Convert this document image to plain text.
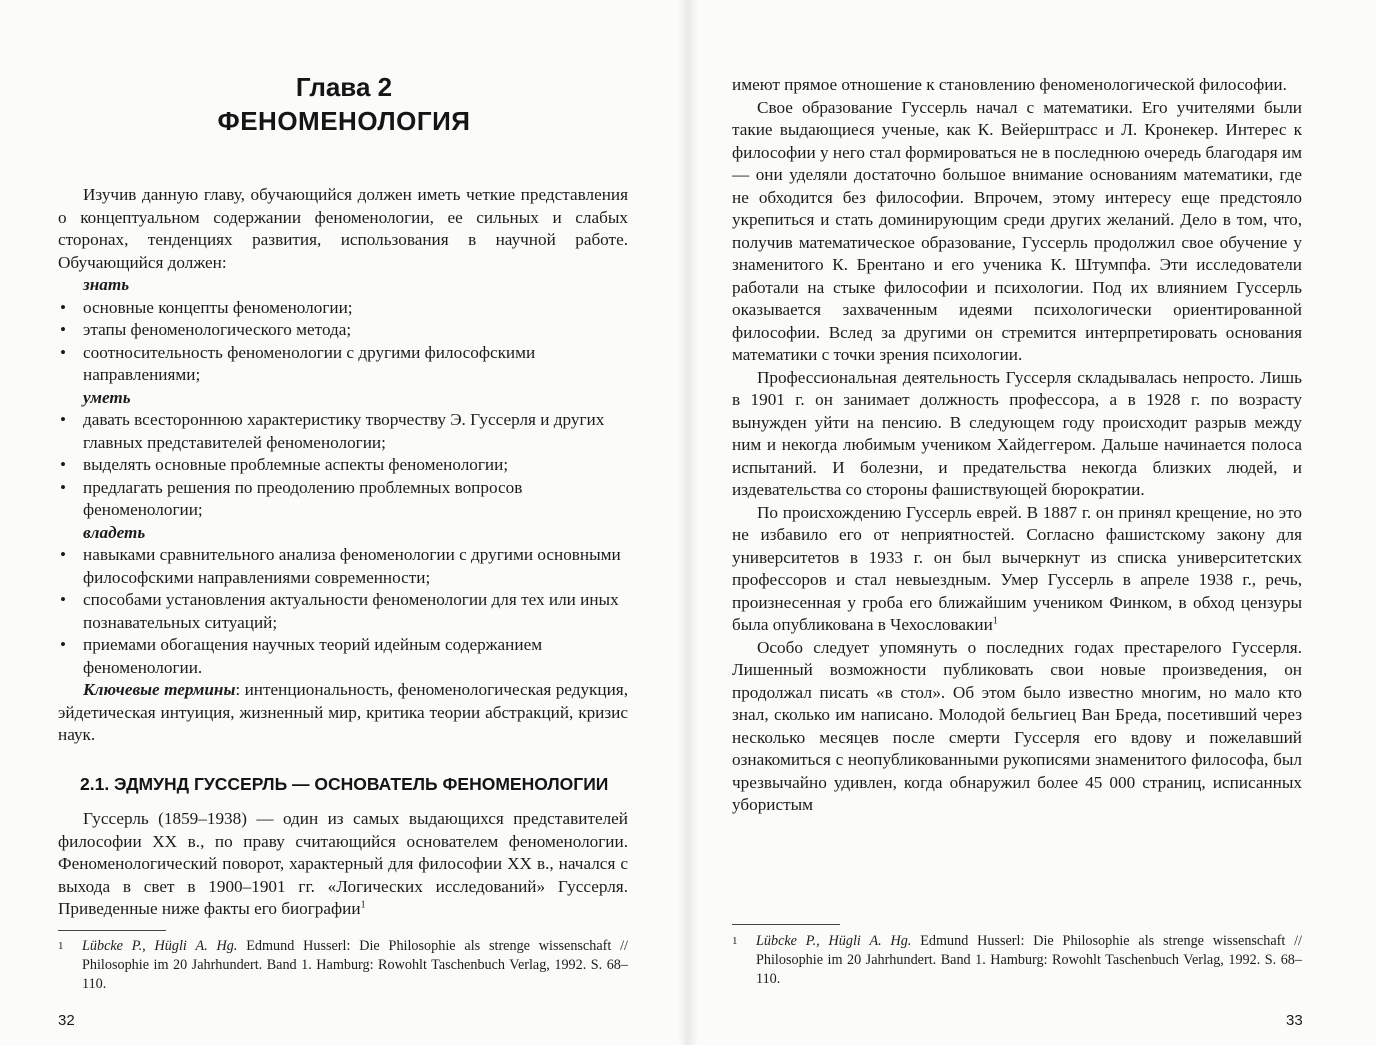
Глава 2
ФЕНОМЕНОЛОГИЯ

Изучив данную главу, обучающийся должен иметь четкие представления о концептуальном содержании феноменологии, ее сильных и слабых сторонах, тенденциях развития, использования в научной работе. Обучающийся должен:

знать
• основные концепты феноменологии;
• этапы феноменологического метода;
• соотносительность феноменологии с другими философскими направлениями;
уметь
• давать всестороннюю характеристику творчеству Э. Гуссерля и других главных представителей феноменологии;
• выделять основные проблемные аспекты феноменологии;
• предлагать решения по преодолению проблемных вопросов феноменологии;
владеть
• навыками сравнительного анализа феноменологии с другими основными философскими направлениями современности;
• способами установления актуальности феноменологии для тех или иных познавательных ситуаций;
• приемами обогащения научных теорий идейным содержанием феноменологии.

Ключевые термины: интенциональность, феноменологическая редукция, эйдетическая интуиция, жизненный мир, критика теории абстракций, кризис наук.

2.1. ЭДМУНД ГУССЕРЛЬ — ОСНОВАТЕЛЬ ФЕНОМЕНОЛОГИИ

Гуссерль (1859–1938) — один из самых выдающихся представителей философии XX в., по праву считающийся основателем феноменологии. Феноменологический поворот, характерный для философии XX в., начался с выхода в свет в 1900–1901 гг. «Логических исследований» Гуссерля. Приведенные ниже факты его биографии$^1$

1	Lübcke P., Hügli A. Hg. Edmund Husserl: Die Philosophie als strenge wissenschaft // Philosophie im 20 Jahrhundert. Band 1. Hamburg: Rowohlt Taschenbuch Verlag, 1992. S. 68–110.

32

имеют прямое отношение к становлению феноменологической философии.

Свое образование Гуссерль начал с математики. Его учителями были такие выдающиеся ученые, как К. Вейерштрасс и Л. Кронекер. Интерес к философии у него стал формироваться не в последнюю очередь благодаря им — они уделяли достаточно большое внимание основаниям математики, где не обходится без философии. Впрочем, этому интересу еще предстояло укрепиться и стать доминирующим среди других желаний. Дело в том, что, получив математическое образование, Гуссерль продолжил свое обучение у знаменитого К. Брентано и его ученика К. Штумпфа. Эти исследователи работали на стыке философии и психологии. Под их влиянием Гуссерль оказывается захваченным идеями психологически ориентированной философии. Вслед за другими он стремится интерпретировать основания математики с точки зрения психологии.

Профессиональная деятельность Гуссерля складывалась непросто. Лишь в 1901 г. он занимает должность профессора, а в 1928 г. по возрасту вынужден уйти на пенсию. В следующем году происходит разрыв между ним и некогда любимым учеником Хайдеггером. Дальше начинается полоса испытаний. И болезни, и предательства некогда близких людей, и издевательства со стороны фашиствующей бюрократии.

По происхождению Гуссерль еврей. В 1887 г. он принял крещение, но это не избавило его от неприятностей. Согласно фашистскому закону для университетов в 1933 г. он был вычеркнут из списка университетских профессоров и стал невыездным. Умер Гуссерль в апреле 1938 г., речь, произнесенная у гроба его ближайшим учеником Финком, в обход цензуры была опубликована в Чехословакии$^1$

Особо следует упомянуть о последних годах престарелого Гуссерля. Лишенный возможности публиковать свои новые произведения, он продолжал писать «в стол». Об этом было известно многим, но мало кто знал, сколько им написано. Молодой бельгиец Ван Бреда, посетивший через несколько месяцев после смерти Гуссерля его вдову и пожелавший ознакомиться с неопубликованными рукописями знаменитого философа, был чрезвычайно удивлен, когда обнаружил более 45 000 страниц, исписанных убористым

1	Lübcke P., Hügli A. Hg. Edmund Husserl: Die Philosophie als strenge wissenschaft // Philosophie im 20 Jahrhundert. Band 1. Hamburg: Rowohlt Taschenbuch Verlag, 1992. S. 68–110.

33
